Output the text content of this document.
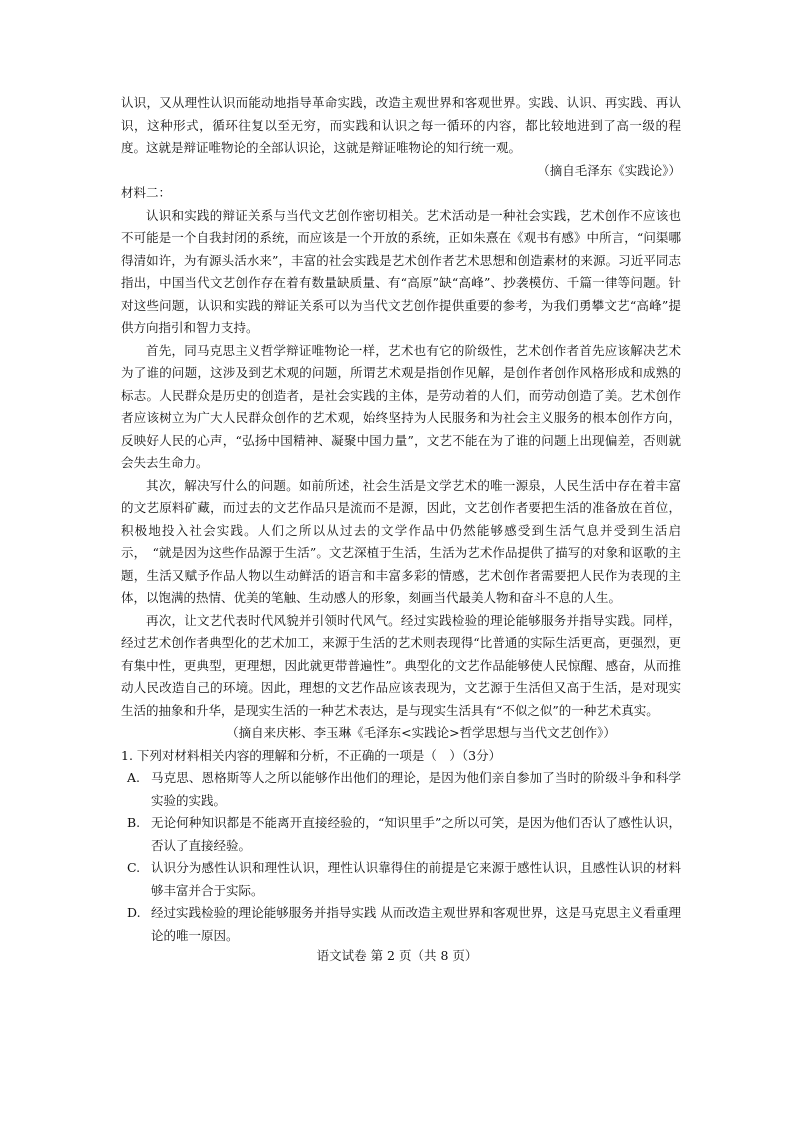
认识，又从理性认识而能动地指导革命实践，改造主观世界和客观世界。实践、认识、再实践、再认识，这种形式，循环往复以至无穷，而实践和认识之每一循环的内容，都比较地进到了高一级的程度。这就是辩证唯物论的全部认识论，这就是辩证唯物论的知行统一观。

（摘自毛泽东《实践论》）

材料二：

认识和实践的辩证关系与当代文艺创作密切相关。艺术活动是一种社会实践，艺术创作不应该也不可能是一个自我封闭的系统，而应该是一个开放的系统，正如朱熹在《观书有感》中所言，“问渠哪得清如许，为有源头活水来”，丰富的社会实践是艺术创作者艺术思想和创造素材的来源。习近平同志指出，中国当代文艺创作存在着有数量缺质量、有“高原”缺“高峰”、抄袭模仿、千篇一律等问题。针对这些问题，认识和实践的辩证关系可以为当代文艺创作提供重要的参考，为我们勇攀文艺“高峰”提供方向指引和智力支持。

首先，同马克思主义哲学辩证唯物论一样，艺术也有它的阶级性，艺术创作者首先应该解决艺术为了谁的问题，这涉及到艺术观的问题，所谓艺术观是指创作见解，是创作者创作风格形成和成熟的标志。人民群众是历史的创造者，是社会实践的主体，是劳动着的人们，而劳动创造了美。艺术创作者应该树立为广大人民群众创作的艺术观，始终坚持为人民服务和为社会主义服务的根本创作方向，反映好人民的心声，“弘扬中国精神、凝聚中国力量”，文艺不能在为了谁的问题上出现偏差，否则就会失去生命力。

其次，解决写什么的问题。如前所述，社会生活是文学艺术的唯一源泉，人民生活中存在着丰富的文艺原料矿藏，而过去的文艺作品只是流而不是源，因此，文艺创作者要把生活的准备放在首位，积极地投入社会实践。人们之所以从过去的文学作品中仍然能够感受到生活气息并受到生活启示，　“就是因为这些作品源于生活”。文艺深植于生活，生活为艺术作品提供了描写的对象和讴歌的主题，生活又赋予作品人物以生动鲜活的语言和丰富多彩的情感，艺术创作者需要把人民作为表现的主体，以饱满的热情、优美的笔触、生动感人的形象，刻画当代最美人物和奋斗不息的人生。

再次，让文艺代表时代风貌并引领时代风气。经过实践检验的理论能够服务并指导实践。同样，经过艺术创作者典型化的艺术加工，来源于生活的艺术则表现得“比普通的实际生活更高，更强烈，更有集中性，更典型，更理想，因此就更带普遍性”。典型化的文艺作品能够使人民惊醒、感奋，从而推动人民改造自己的环境。因此，理想的文艺作品应该表现为，文艺源于生活但又高于生活，是对现实生活的抽象和升华，是现实生活的一种艺术表达，是与现实生活具有“不似之似”的一种艺术真实。

（摘自来庆彬、李玉琳《毛泽东<实践论>哲学思想与当代文艺创作》）

1. 下列对材料相关内容的理解和分析，不正确的一项是（　）（3分）

A. 马克思、恩格斯等人之所以能够作出他们的理论，是因为他们亲自参加了当时的阶级斗争和科学实验的实践。
B. 无论何种知识都是不能离开直接经验的，“知识里手”之所以可笑，是因为他们否认了感性认识，否认了直接经验。
C. 认识分为感性认识和理性认识，理性认识靠得住的前提是它来源于感性认识，且感性认识的材料够丰富并合于实际。
D. 经过实践检验的理论能够服务并指导实践 从而改造主观世界和客观世界，这是马克思主义看重理论的唯一原因。
语文试卷 第 2 页（共 8 页）
